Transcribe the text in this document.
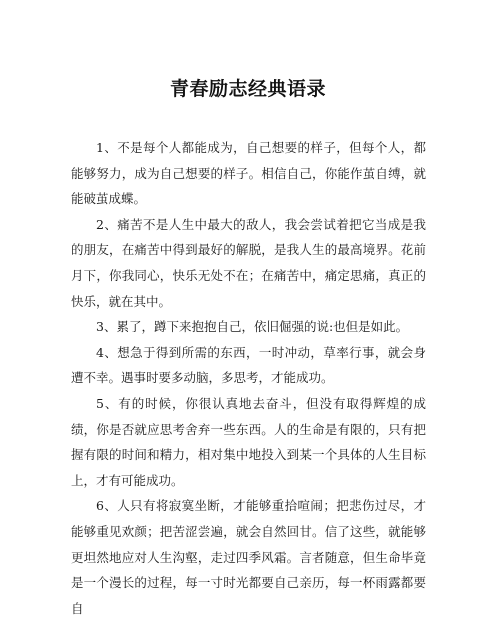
青春励志经典语录

1、不是每个人都能成为，自己想要的样子，但每个人，都能够努力，成为自己想要的样子。相信自己，你能作茧自缚，就能破茧成蝶。

2、痛苦不是人生中最大的敌人，我会尝试着把它当成是我的朋友，在痛苦中得到最好的解脱，是我人生的最高境界。花前月下，你我同心，快乐无处不在；在痛苦中，痛定思痛，真正的快乐，就在其中。

3、累了，蹲下来抱抱自己，依旧倔强的说:也但是如此。

4、想急于得到所需的东西，一时冲动，草率行事，就会身遭不幸。遇事时要多动脑，多思考，才能成功。

5、有的时候，你很认真地去奋斗，但没有取得辉煌的成绩，你是否就应思考舍弃一些东西。人的生命是有限的，只有把握有限的时间和精力，相对集中地投入到某一个具体的人生目标上，才有可能成功。

6、人只有将寂寞坐断，才能够重拾喧闹；把悲伤过尽，才能够重见欢颜；把苦涩尝遍，就会自然回甘。信了这些，就能够更坦然地应对人生沟壑，走过四季风霜。言者随意，但生命毕竟是一个漫长的过程，每一寸时光都要自己亲历，每一杯雨露都要自
